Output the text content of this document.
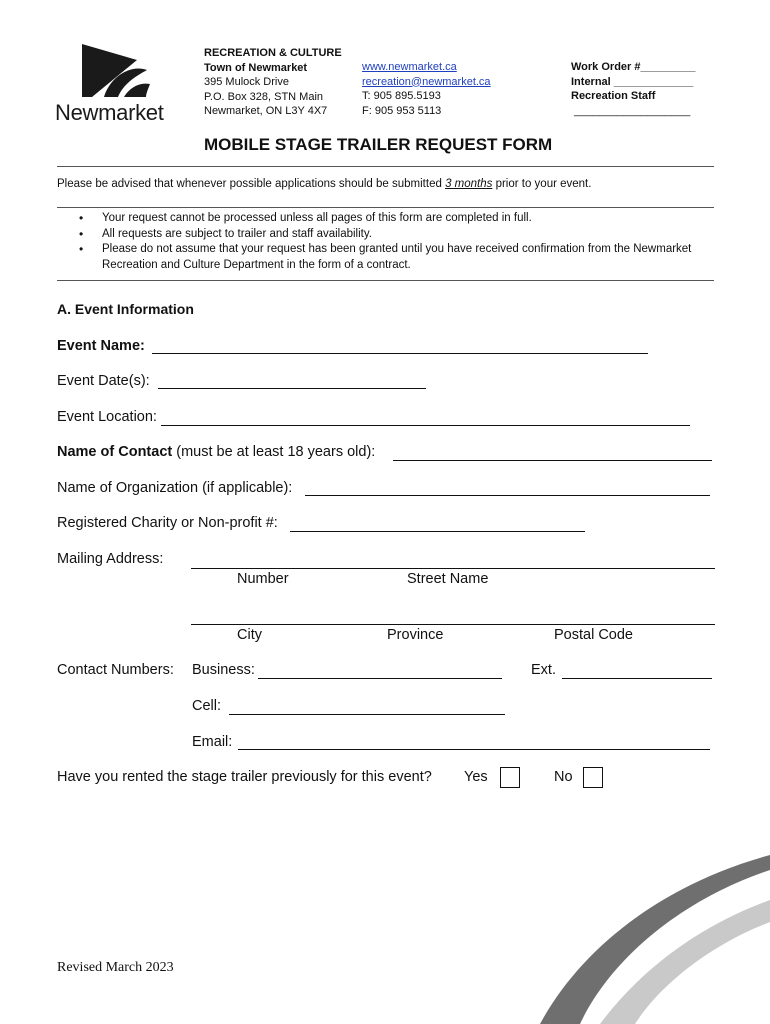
Newmarket
RECREATION & CULTURE
Town of Newmarket
395 Mulock Drive
P.O. Box 328, STN Main
Newmarket, ON L3Y 4X7
www.newmarket.ca
recreation@newmarket.ca
T: 905 895.5193
F: 905 953 5113
Work Order #_________
Internal _____________
Recreation Staff
___________________
MOBILE STAGE TRAILER REQUEST FORM
Please be advised that whenever possible applications should be submitted 3 months prior to your event.
• Your request cannot be processed unless all pages of this form are completed in full.
• All requests are subject to trailer and staff availability.
• Please do not assume that your request has been granted until you have received confirmation from the Newmarket Recreation and Culture Department in the form of a contract.
A. Event Information
Event Name:
Event Date(s):
Event Location:
Name of Contact (must be at least 18 years old):
Name of Organization (if applicable):
Registered Charity or Non-profit #:
Mailing Address:
Number	Street Name
City	Province	Postal Code
Contact Numbers: Business:	Ext.
Cell:
Email:
Have you rented the stage trailer previously for this event? Yes	No
Revised March 2023
